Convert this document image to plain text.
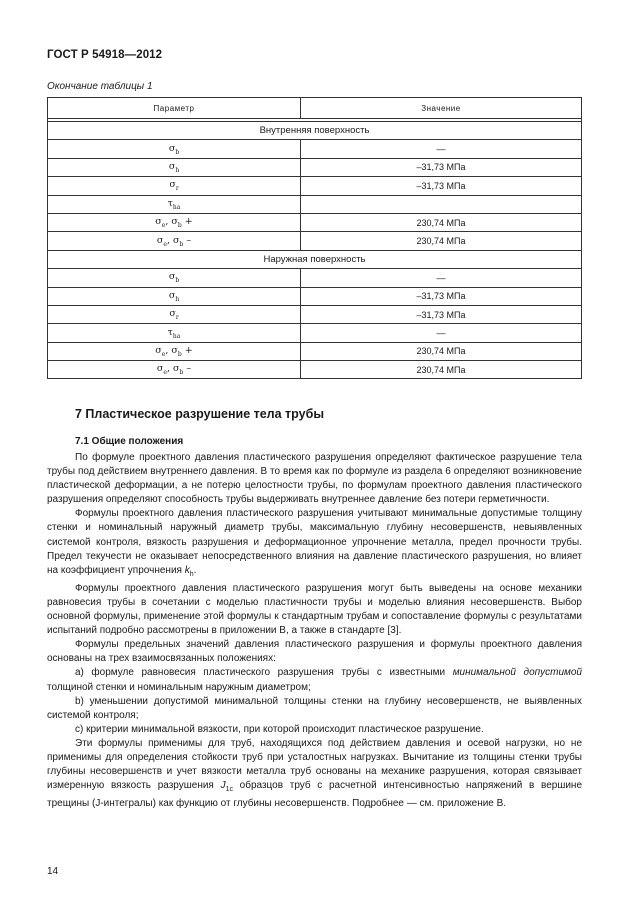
ГОСТ Р 54918—2012
Окончание таблицы 1
Параметр	Значение

Внутренняя поверхность	
$\sigma_b$	—
$\sigma_h$	–31,73 МПа
$\sigma_r$	–31,73 МПа
$\tau_{ha}$	
$\sigma_e$, $\sigma_b$ +	230,74 МПа
$\sigma_e$, $\sigma_b$ –	230,74 МПа
Наружная поверхность	
$\sigma_b$	—
$\sigma_h$	–31,73 МПа
$\sigma_r$	–31,73 МПа
$\tau_{ha}$	—
$\sigma_e$, $\sigma_b$ +	230,74 МПа
$\sigma_e$, $\sigma_b$ –	230,74 МПа
7 Пластическое разрушение тела трубы
7.1 Общие положения

По формуле проектного давления пластического разрушения определяют фактическое разрушение тела трубы под действием внутреннего давления. В то время как по формуле из раздела 6 определяют возникновение пластической деформации, а не потерю целостности трубы, по формулам проектного давления пластического разрушения определяют способность трубы выдерживать внутреннее давление без потери герметичности.

Формулы проектного давления пластического разрушения учитывают минимальные допустимые толщину стенки и номинальный наружный диаметр трубы, максимальную глубину несовершенств, невыявленных системой контроля, вязкость разрушения и деформационное упрочнение металла, предел прочности трубы. Предел текучести не оказывает непосредственного влияния на давление пластического разрушения, но влияет на коэффициент упрочнения $k_h$.

Формулы проектного давления пластического разрушения могут быть выведены на основе механики равновесия трубы в сочетании с моделью пластичности трубы и моделью влияния несовершенств. Выбор основной формулы, применение этой формулы к стандартным трубам и сопоставление формулы с результатами испытаний подробно рассмотрены в приложении В, а также в стандарте [3].

Формулы предельных значений давления пластического разрушения и формулы проектного давления основаны на трех взаимосвязанных положениях:

а) формуле равновесия пластического разрушения трубы с известными минимальной допустимой толщиной стенки и номинальным наружным диаметром;

b) уменьшении допустимой минимальной толщины стенки на глубину несовершенств, не выявленных системой контроля;

с) критерии минимальной вязкости, при которой происходит пластическое разрушение.

Эти формулы применимы для труб, находящихся под действием давления и осевой нагрузки, но не применимы для определения стойкости труб при усталостных нагрузках. Вычитание из толщины стенки трубы глубины несовершенств и учет вязкости металла труб основаны на механике разрушения, которая связывает измеренную вязкость разрушения $J_{1c}$ образцов труб с расчетной интенсивностью напряжений в вершине трещины (J-интегралы) как функцию от глубины несовершенств. Подробнее — см. приложение В.

14
